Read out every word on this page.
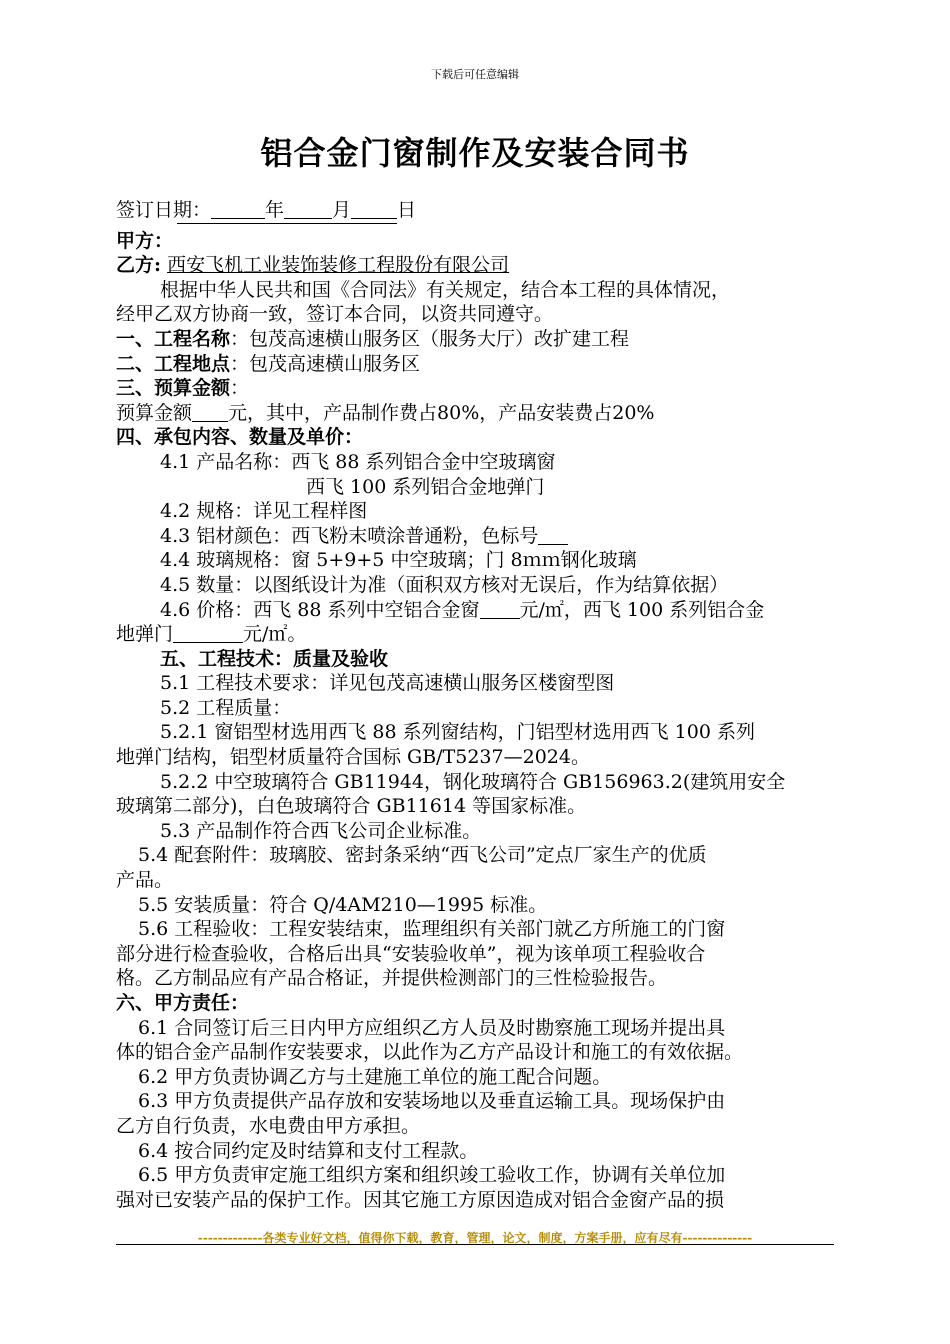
下载后可任意编辑
铝合金门窗制作及安装合同书

签订日期：	年	月 日

甲方：

乙方: 西安飞机工业装饰装修工程股份有限公司

根据中华人民共和国《合同法》有关规定，结合本工程的具体情况，

经甲乙双方协商一致，签订本合同，以资共同遵守。

一、工程名称：包茂高速横山服务区（服务大厅）改扩建工程

二、工程地点：包茂高速横山服务区

三、预算金额：

预算金额 元，其中，产品制作费占80%，产品安装费占20%

四、承包内容、数量及单价：

4.1 产品名称：西飞 88 系列铝合金中空玻璃窗

西飞 100 系列铝合金地弹门

4.2 规格：详见工程样图

4.3 铝材颜色：西飞粉末喷涂普通粉，色标号

4.4 玻璃规格：窗 5+9+5 中空玻璃；门 8ｍｍ钢化玻璃

4.5 数量：以图纸设计为准（面积双方核对无误后，作为结算依据）

4.6 价格：西飞 88 系列中空铝合金窗 元/㎡，西飞 100 系列铝合金

地弹门	元/㎡。

五、工程技术：质量及验收

5.1 工程技术要求：详见包茂高速横山服务区楼窗型图

5.2 工程质量：

5.2.1 窗铝型材选用西飞 88 系列窗结构，门铝型材选用西飞 100 系列

地弹门结构，铝型材质量符合国标 GB/T5237—2024。

5.2.2 中空玻璃符合 GB11944，钢化玻璃符合 GB156963.2(建筑用安全

玻璃第二部分)，白色玻璃符合 GB11614 等国家标准。

5.3 产品制作符合西飞公司企业标准。

5.4 配套附件：玻璃胶、密封条采纳“西飞公司”定点厂家生产的优质

产品。

5.5 安装质量：符合 Q/4AM210—1995 标准。

5.6 工程验收：工程安装结束，监理组织有关部门就乙方所施工的门窗

部分进行检查验收，合格后出具“安装验收单”，视为该单项工程验收合

格。乙方制品应有产品合格证，并提供检测部门的三性检验报告。

六、甲方责任：

6.1 合同签订后三日内甲方应组织乙方人员及时勘察施工现场并提出具

体的铝合金产品制作安装要求，以此作为乙方产品设计和施工的有效依据。

6.2 甲方负责协调乙方与土建施工单位的施工配合问题。

6.3 甲方负责提供产品存放和安装场地以及垂直运输工具。现场保护由

乙方自行负责，水电费由甲方承担。

6.4 按合同约定及时结算和支付工程款。

6.5 甲方负责审定施工组织方案和组织竣工验收工作，协调有关单位加

强对已安装产品的保护工作。因其它施工方原因造成对铝合金窗产品的损

-------------各类专业好文档，值得你下载，教育，管理，论文，制度，方案手册，应有尽有--------------
